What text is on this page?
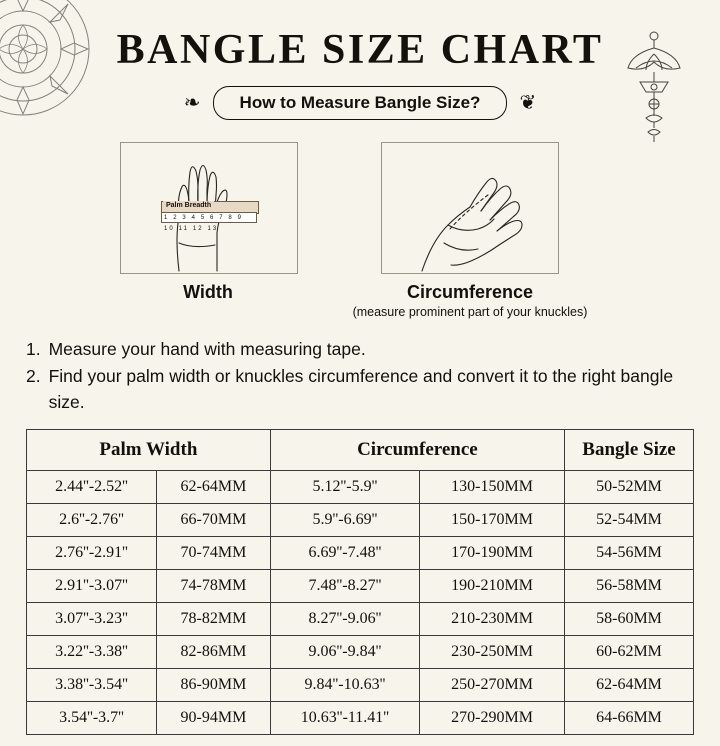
BANGLE SIZE CHART
❧	How to Measure Bangle Size?	❦
Palm Breadth
1 2 3 4 5 6 7 8 9 10 11 12 13
Width	Circumference
(measure prominent part of your knuckles)
1. Measure your hand with measuring tape.
2. Find your palm width or knuckles circumference and convert it to the right bangle size.
Palm Width		Circumference		Bangle Size
2.44''-2.52''	62-64MM	5.12''-5.9''	130-150MM	50-52MM
2.6''-2.76''	66-70MM	5.9''-6.69''	150-170MM	52-54MM
2.76''-2.91''	70-74MM	6.69''-7.48''	170-190MM	54-56MM
2.91''-3.07''	74-78MM	7.48''-8.27''	190-210MM	56-58MM
3.07''-3.23''	78-82MM	8.27''-9.06''	210-230MM	58-60MM
3.22''-3.38''	82-86MM	9.06''-9.84''	230-250MM	60-62MM
3.38''-3.54''	86-90MM	9.84''-10.63''	250-270MM	62-64MM
3.54''-3.7''	90-94MM	10.63''-11.41''	270-290MM	64-66MM
